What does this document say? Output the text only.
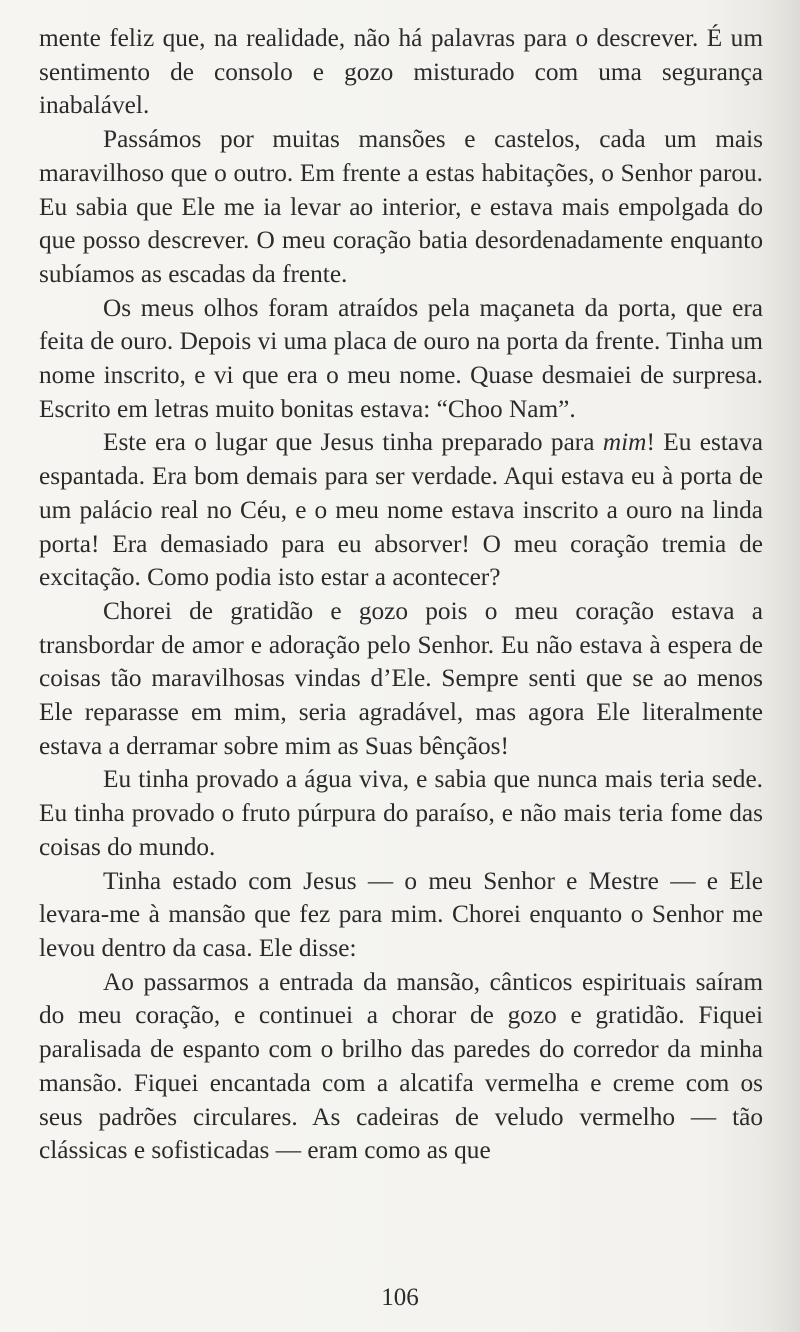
mente feliz que, na realidade, não há palavras para o descrever. É um sentimento de consolo e gozo misturado com uma segurança inabalável.

Passámos por muitas mansões e castelos, cada um mais maravilhoso que o outro. Em frente a estas habitações, o Senhor parou. Eu sabia que Ele me ia levar ao interior, e estava mais empolgada do que posso descrever. O meu coração batia desordenadamente enquanto subíamos as escadas da frente.

Os meus olhos foram atraídos pela maçaneta da porta, que era feita de ouro. Depois vi uma placa de ouro na porta da frente. Tinha um nome inscrito, e vi que era o meu nome. Quase desmaiei de surpresa. Escrito em letras muito bonitas estava: “Choo Nam”.

Este era o lugar que Jesus tinha preparado para mim! Eu estava espantada. Era bom demais para ser verdade. Aqui estava eu à porta de um palácio real no Céu, e o meu nome estava inscrito a ouro na linda porta! Era demasiado para eu absorver! O meu coração tremia de excitação. Como podia isto estar a acontecer?

Chorei de gratidão e gozo pois o meu coração estava a transbordar de amor e adoração pelo Senhor. Eu não estava à espera de coisas tão maravilhosas vindas d’Ele. Sempre senti que se ao menos Ele reparasse em mim, seria agradável, mas agora Ele literalmente estava a derramar sobre mim as Suas bênçãos!

Eu tinha provado a água viva, e sabia que nunca mais teria sede. Eu tinha provado o fruto púrpura do paraíso, e não mais teria fome das coisas do mundo.

Tinha estado com Jesus — o meu Senhor e Mestre — e Ele levara-me à mansão que fez para mim. Chorei enquanto o Senhor me levou dentro da casa. Ele disse:

Ao passarmos a entrada da mansão, cânticos espirituais saíram do meu coração, e continuei a chorar de gozo e gratidão. Fiquei paralisada de espanto com o brilho das paredes do corredor da minha mansão. Fiquei encantada com a alcatifa vermelha e creme com os seus padrões circulares. As cadeiras de veludo vermelho — tão clássicas e sofisticadas — eram como as que

106
